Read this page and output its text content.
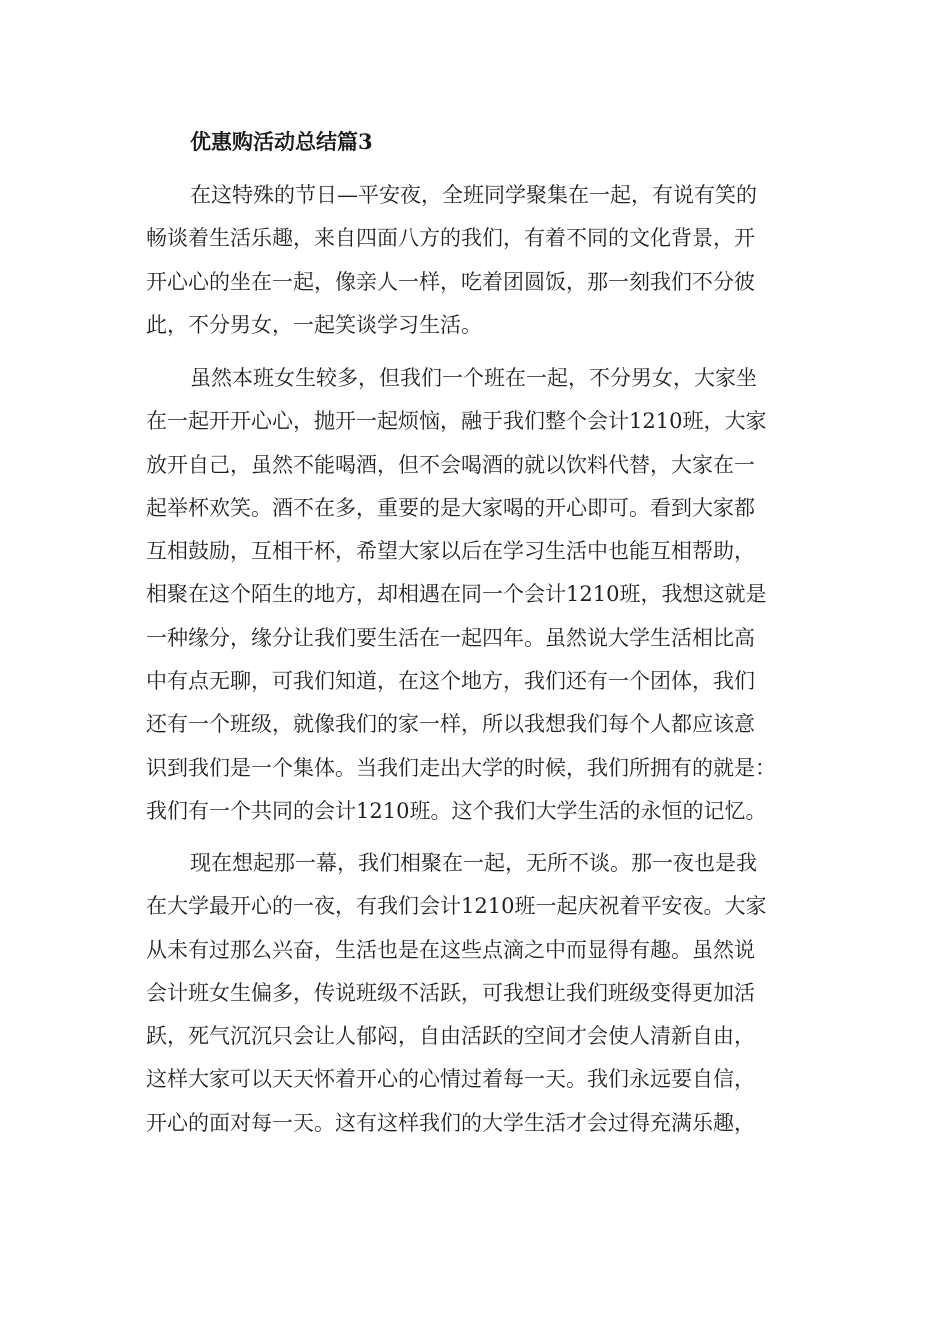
优惠购活动总结篇3
在这特殊的节日—平安夜，全班同学聚集在一起，有说有笑的
畅谈着生活乐趣，来自四面八方的我们，有着不同的文化背景，开
开心心的坐在一起，像亲人一样，吃着团圆饭，那一刻我们不分彼
此，不分男女，一起笑谈学习生活。
虽然本班女生较多，但我们一个班在一起，不分男女，大家坐
在一起开开心心，抛开一起烦恼，融于我们整个会计1210班，大家
放开自己，虽然不能喝酒，但不会喝酒的就以饮料代替，大家在一
起举杯欢笑。酒不在多，重要的是大家喝的开心即可。看到大家都
互相鼓励，互相干杯，希望大家以后在学习生活中也能互相帮助，
相聚在这个陌生的地方，却相遇在同一个会计1210班，我想这就是
一种缘分，缘分让我们要生活在一起四年。虽然说大学生活相比高
中有点无聊，可我们知道，在这个地方，我们还有一个团体，我们
还有一个班级，就像我们的家一样，所以我想我们每个人都应该意
识到我们是一个集体。当我们走出大学的时候，我们所拥有的就是：
我们有一个共同的会计1210班。这个我们大学生活的永恒的记忆。
现在想起那一幕，我们相聚在一起，无所不谈。那一夜也是我
在大学最开心的一夜，有我们会计1210班一起庆祝着平安夜。大家
从未有过那么兴奋，生活也是在这些点滴之中而显得有趣。虽然说
会计班女生偏多，传说班级不活跃，可我想让我们班级变得更加活
跃，死气沉沉只会让人郁闷，自由活跃的空间才会使人清新自由，
这样大家可以天天怀着开心的心情过着每一天。我们永远要自信，
开心的面对每一天。这有这样我们的大学生活才会过得充满乐趣，
